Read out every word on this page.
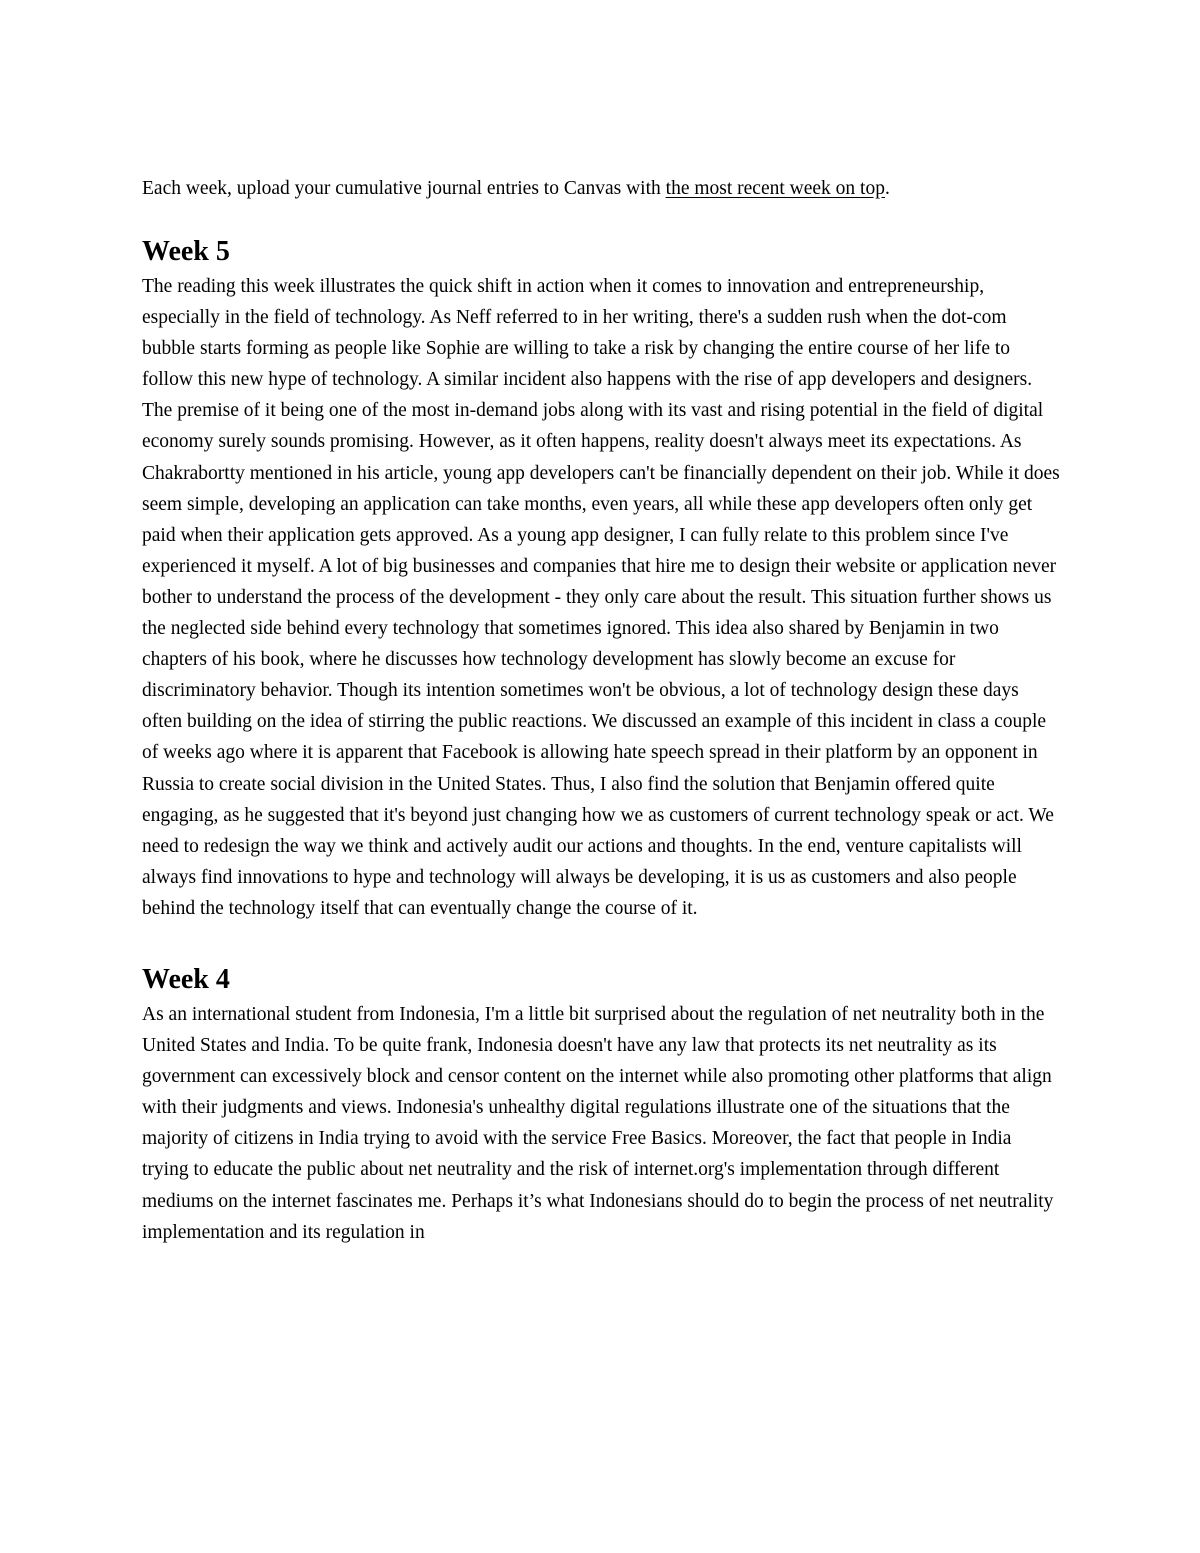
Each week, upload your cumulative journal entries to Canvas with the most recent week on top.

Week 5

The reading this week illustrates the quick shift in action when it comes to innovation and entrepreneurship, especially in the field of technology. As Neff referred to in her writing, there's a sudden rush when the dot-com bubble starts forming as people like Sophie are willing to take a risk by changing the entire course of her life to follow this new hype of technology. A similar incident also happens with the rise of app developers and designers. The premise of it being one of the most in-demand jobs along with its vast and rising potential in the field of digital economy surely sounds promising. However, as it often happens, reality doesn't always meet its expectations. As Chakrabortty mentioned in his article, young app developers can't be financially dependent on their job. While it does seem simple, developing an application can take months, even years, all while these app developers often only get paid when their application gets approved. As a young app designer, I can fully relate to this problem since I've experienced it myself. A lot of big businesses and companies that hire me to design their website or application never bother to understand the process of the development - they only care about the result. This situation further shows us the neglected side behind every technology that sometimes ignored. This idea also shared by Benjamin in two chapters of his book, where he discusses how technology development has slowly become an excuse for discriminatory behavior. Though its intention sometimes won't be obvious, a lot of technology design these days often building on the idea of stirring the public reactions. We discussed an example of this incident in class a couple of weeks ago where it is apparent that Facebook is allowing hate speech spread in their platform by an opponent in Russia to create social division in the United States. Thus, I also find the solution that Benjamin offered quite engaging, as he suggested that it's beyond just changing how we as customers of current technology speak or act. We need to redesign the way we think and actively audit our actions and thoughts. In the end, venture capitalists will always find innovations to hype and technology will always be developing, it is us as customers and also people behind the technology itself that can eventually change the course of it.

Week 4

As an international student from Indonesia, I'm a little bit surprised about the regulation of net neutrality both in the United States and India. To be quite frank, Indonesia doesn't have any law that protects its net neutrality as its government can excessively block and censor content on the internet while also promoting other platforms that align with their judgments and views. Indonesia's unhealthy digital regulations illustrate one of the situations that the majority of citizens in India trying to avoid with the service Free Basics. Moreover, the fact that people in India trying to educate the public about net neutrality and the risk of internet.org's implementation through different mediums on the internet fascinates me. Perhaps it’s what Indonesians should do to begin the process of net neutrality implementation and its regulation in
